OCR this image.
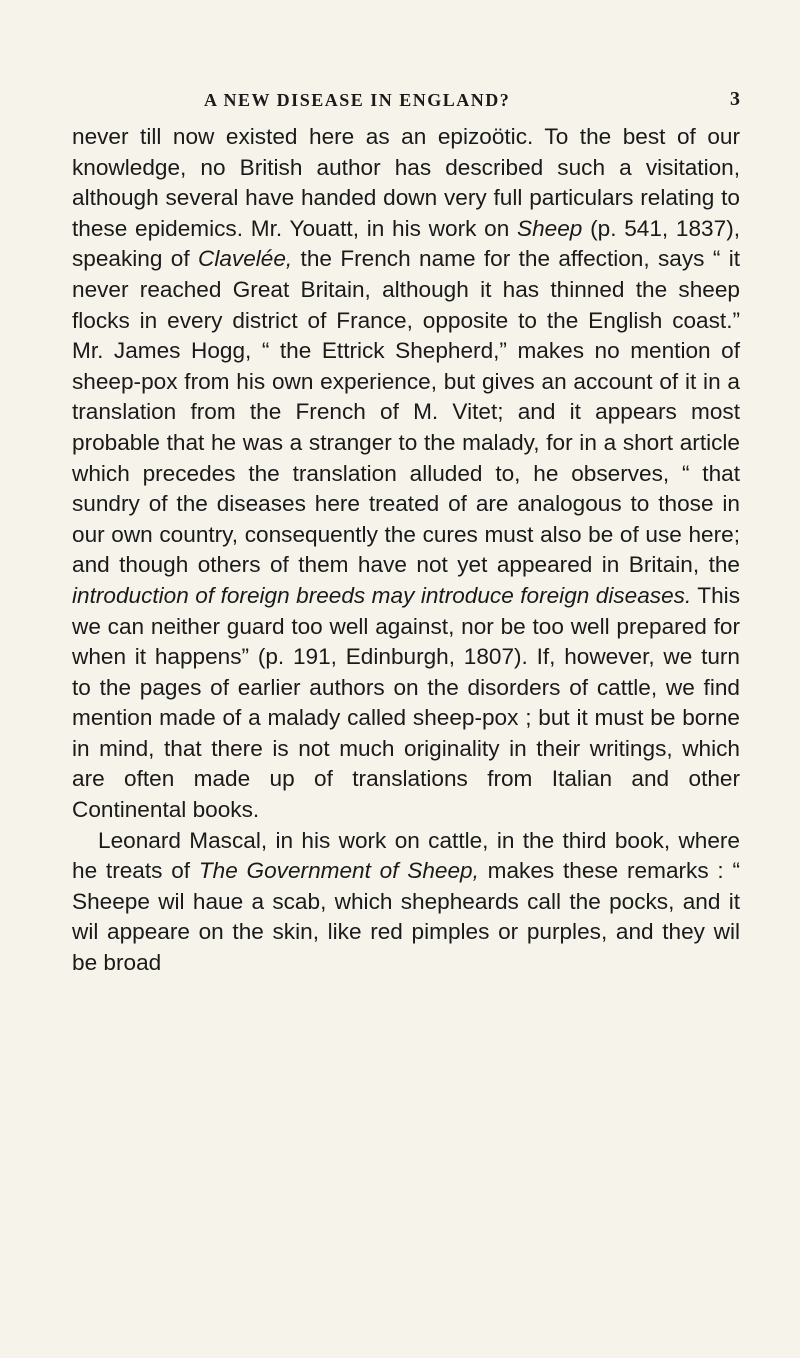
A NEW DISEASE IN ENGLAND?	3

never till now existed here as an epizoötic. To the best of our knowledge, no British author has described such a visitation, although several have handed down very full particulars relating to these epidemics. Mr. Youatt, in his work on Sheep (p. 541, 1837), speaking of Clavelée, the French name for the affection, says “ it never reached Great Britain, although it has thinned the sheep flocks in every district of France, opposite to the English coast.” Mr. James Hogg, “ the Ettrick Shepherd,” makes no mention of sheep-pox from his own experience, but gives an account of it in a translation from the French of M. Vitet; and it appears most probable that he was a stranger to the malady, for in a short article which precedes the translation alluded to, he observes, “ that sundry of the diseases here treated of are analogous to those in our own country, consequently the cures must also be of use here; and though others of them have not yet appeared in Britain, the introduction of foreign breeds may introduce foreign diseases. This we can neither guard too well against, nor be too well prepared for when it happens” (p. 191, Edinburgh, 1807). If, however, we turn to the pages of earlier authors on the disorders of cattle, we find mention made of a malady called sheep-pox ; but it must be borne in mind, that there is not much originality in their writings, which are often made up of translations from Italian and other Continental books.

Leonard Mascal, in his work on cattle, in the third book, where he treats of The Government of Sheep, makes these remarks : “ Sheepe wil haue a scab, which shepheards call the pocks, and it wil appeare on the skin, like red pimples or purples, and they wil be broad
